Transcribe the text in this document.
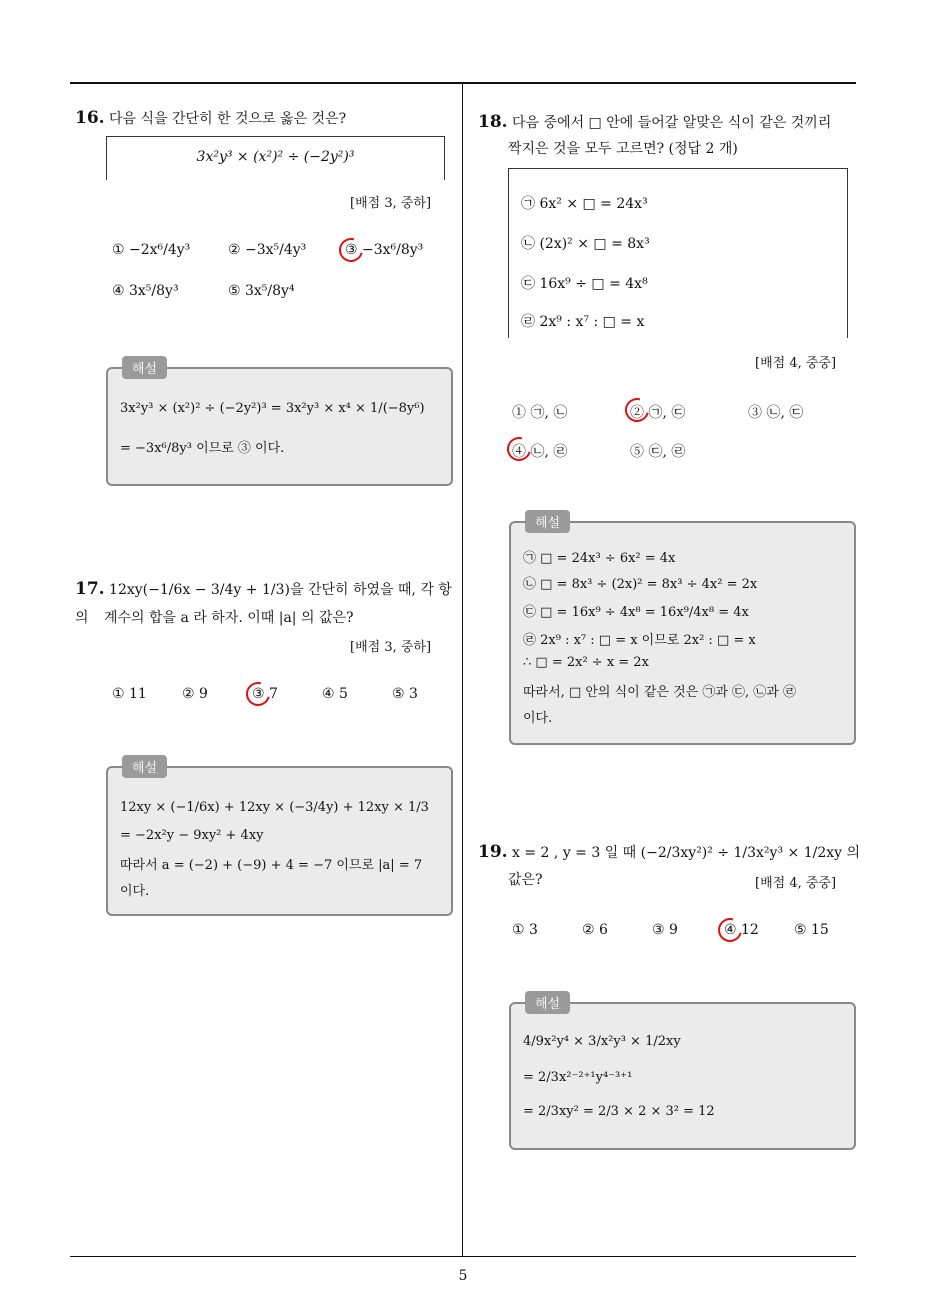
5
16. 다음 식을 간단히 한 것으로 옳은 것은?
3x²y³ × (x²)² ÷ (−2y²)³
[배점 3, 중하]
① −2x⁶/4y³	② −3x⁵/4y³	③ −3x⁶/8y³
④ 3x⁵/8y³	⑤ 3x⁵/8y⁴
해설
3x²y³ × (x²)² ÷ (−2y²)³ = 3x²y³ × x⁴ × 1/(−8y⁶)
= −3x⁶/8y³ 이므로 ③ 이다.
17. 12xy(−1/6x − 3/4y + 1/3)을 간단히 하였을 때, 각 항의	계수의 합을 a 라 하자. 이때 |a| 의 값은?
[배점 3, 중하]
① 11	② 9	③ 7	④ 5	⑤ 3
해설
12xy × (−1/6x) + 12xy × (−3/4y) + 12xy × 1/3
= −2x²y − 9xy² + 4xy
따라서 a = (−2) + (−9) + 4 = −7 이므로 |a| = 7
이다.
18. 다음 중에서 □ 안에 들어갈 알맞은 식이 같은 것끼리
짝지은 것을 모두 고르면? (정답 2 개)
㉠ 6x² × □ = 24x³
㉡ (2x)² × □ = 8x³
㉢ 16x⁹ ÷ □ = 4x⁸
㉣ 2x⁹ : x⁷ : □ = x
[배점 4, 중중]
① ㉠, ㉡	② ㉠, ㉢	③ ㉡, ㉢
④ ㉡, ㉣	⑤ ㉢, ㉣
해설
㉠ □ = 24x³ ÷ 6x² = 4x
㉡ □ = 8x³ ÷ (2x)² = 8x³ ÷ 4x² = 2x
㉢ □ = 16x⁹ ÷ 4x⁸ = 16x⁹/4x⁸ = 4x
㉣ 2x⁹ : x⁷ : □ = x 이므로 2x² : □ = x
∴ □ = 2x² ÷ x = 2x
따라서, □ 안의 식이 같은 것은 ㉠과 ㉢, ㉡과 ㉣
이다.
19. x = 2 , y = 3 일 때 (−2/3xy²)² ÷ 1/3x²y³ × 1/2xy 의
값은?	[배점 4, 중중]
① 3	② 6	③ 9	④ 12	⑤ 15
해설
4/9x²y⁴ × 3/x²y³ × 1/2xy
= 2/3x²⁻²⁺¹y⁴⁻³⁺¹
= 2/3xy² = 2/3 × 2 × 3² = 12
